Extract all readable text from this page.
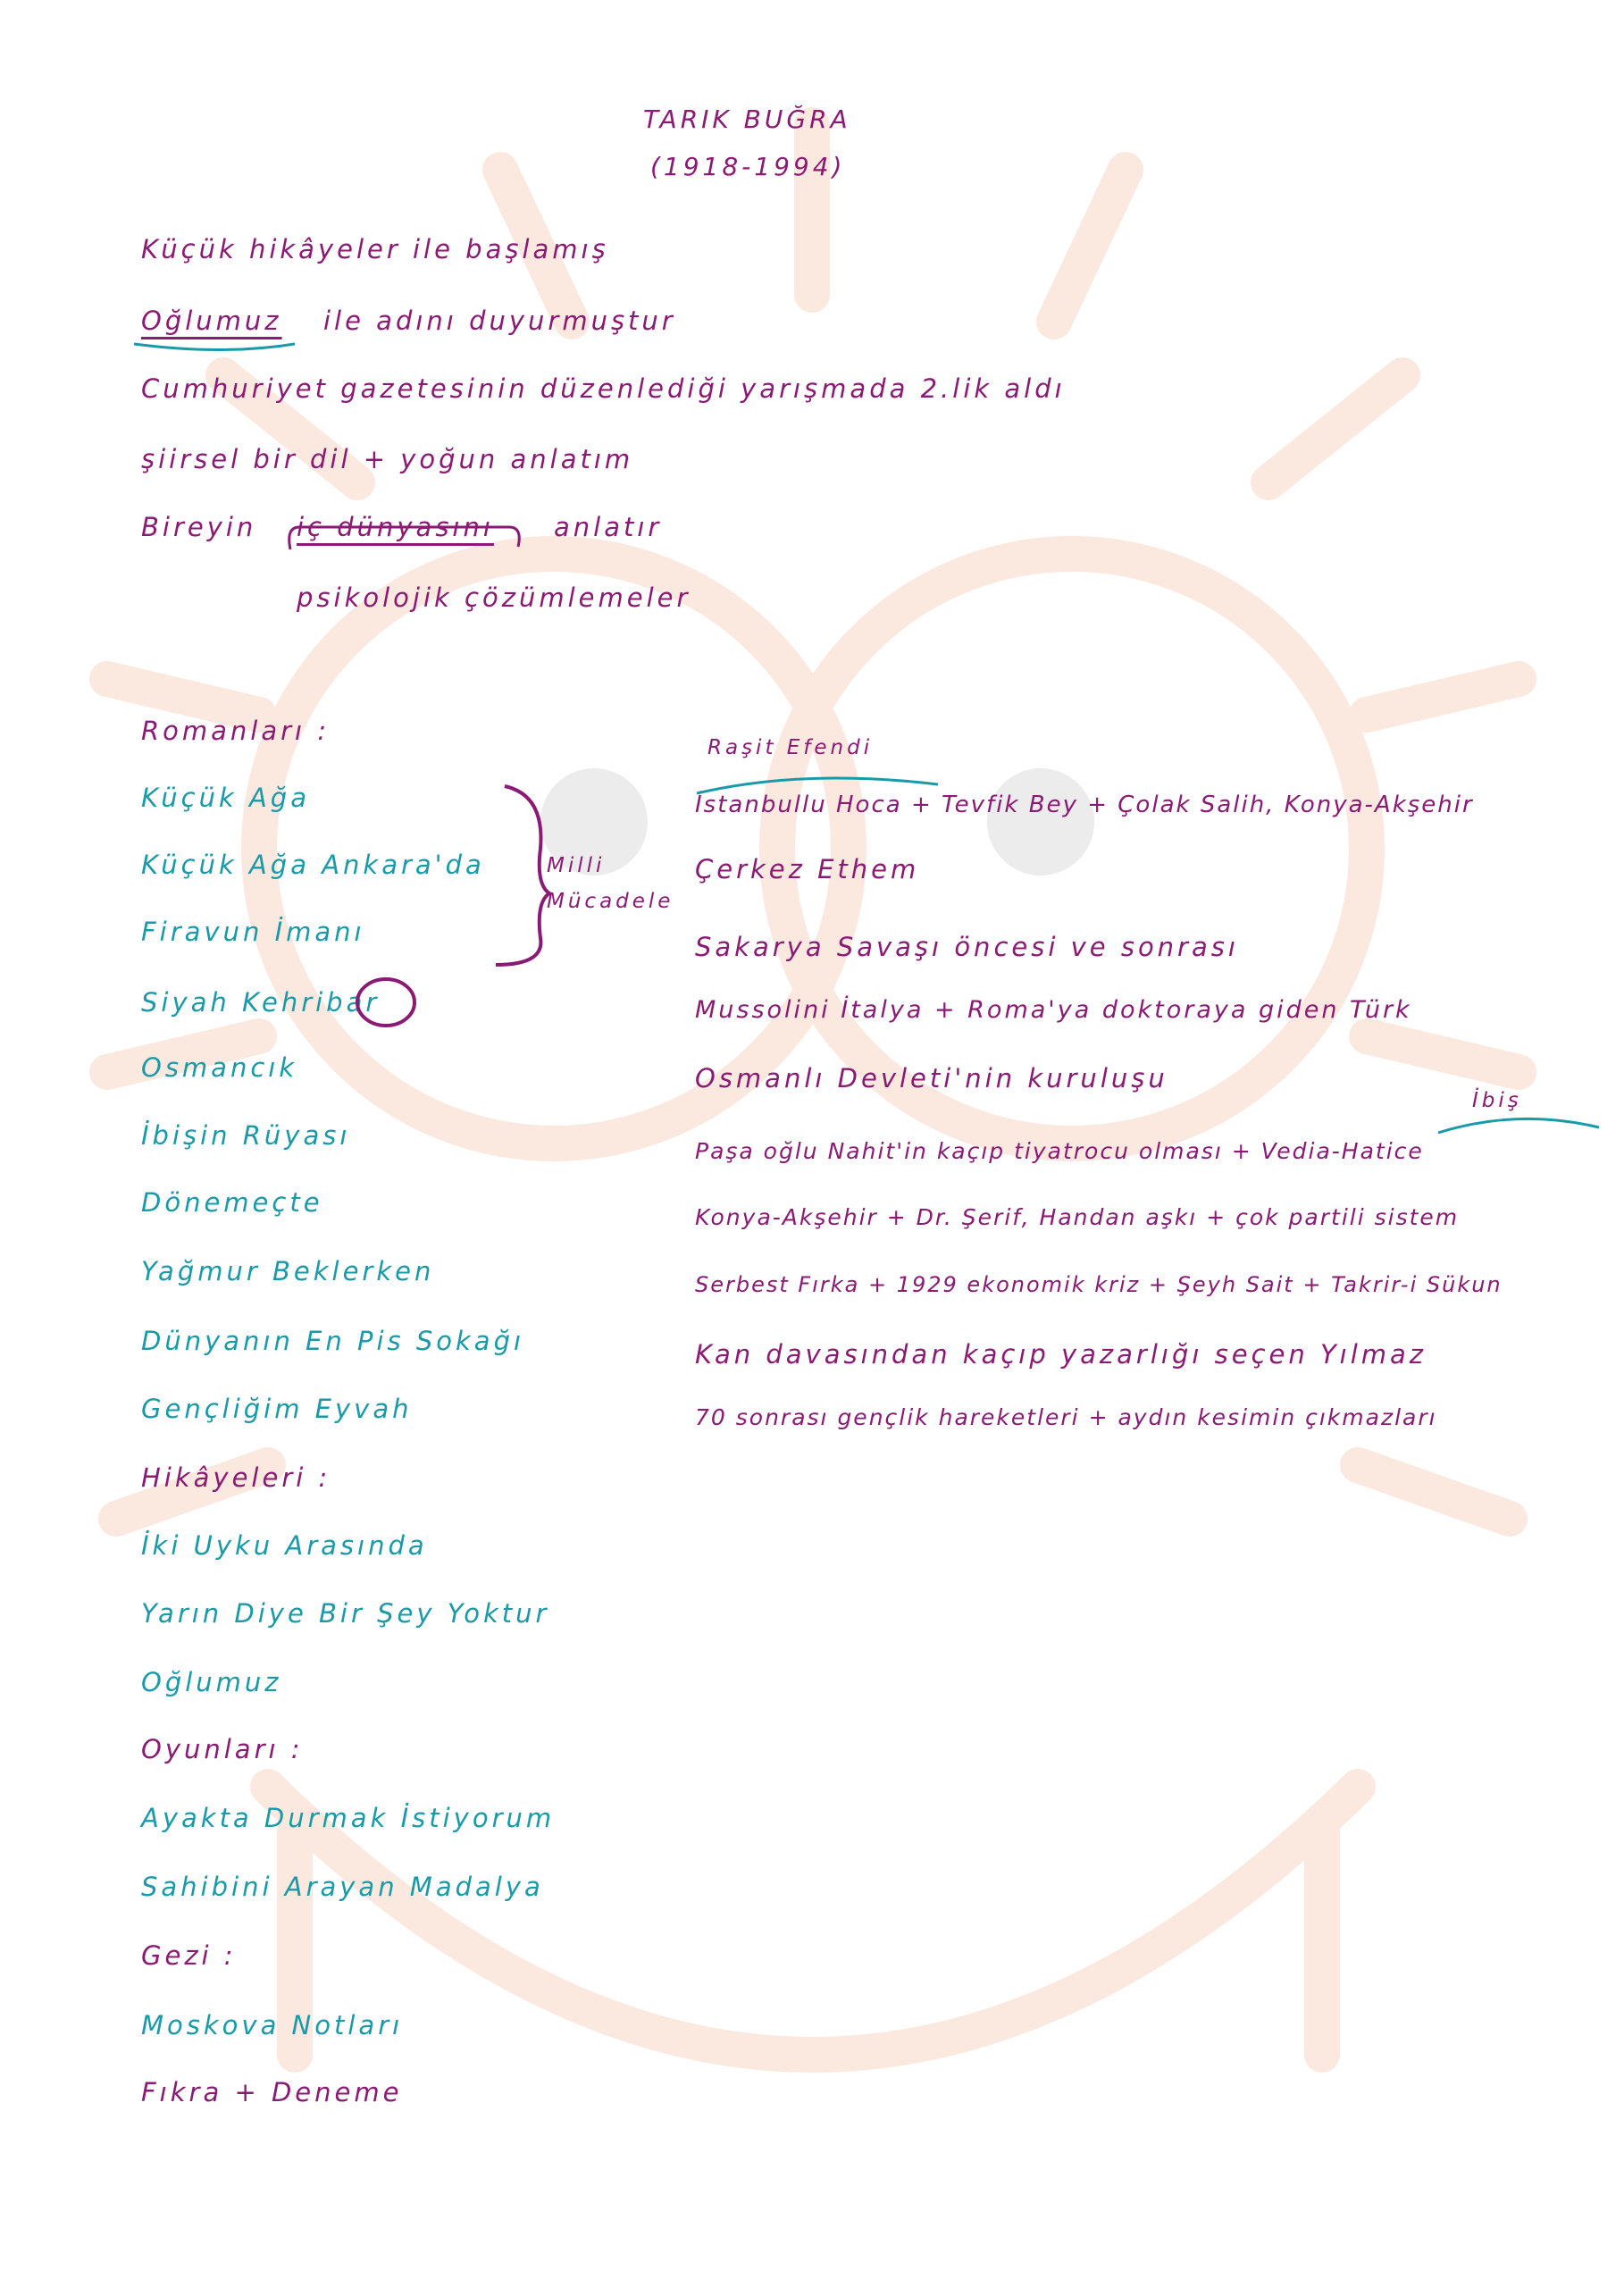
TARIK BUĞRA
(1918-1994)
Küçük hikâyeler ile başlamış
Oğlumuz ile adını duyurmuştur
Cumhuriyet gazetesinin düzenlediği yarışmada 2.lik aldı
şiirsel bir dil + yoğun anlatım
Bireyin iç dünyasını anlatır
psikolojik çözümlemeler
Romanları :
Raşit Efendi
İbiş
Küçük Ağa
Küçük Ağa Ankara'da
Firavun İmanı
Siyah Kehribar
Osmancık
İbişin Rüyası
Dönemeçte
Yağmur Beklerken
Dünyanın En Pis Sokağı
Gençliğim Eyvah
Milli
Mücadele
İstanbullu Hoca + Tevfik Bey + Çolak Salih, Konya-Akşehir
Çerkez Ethem
Sakarya Savaşı öncesi ve sonrası
Mussolini İtalya + Roma'ya doktoraya giden Türk
Osmanlı Devleti'nin kuruluşu
Paşa oğlu Nahit'in kaçıp tiyatrocu olması + Vedia-Hatice
Konya-Akşehir + Dr. Şerif, Handan aşkı + çok partili sistem
Serbest Fırka + 1929 ekonomik kriz + Şeyh Sait + Takrir-i Sükun
Kan davasından kaçıp yazarlığı seçen Yılmaz
70 sonrası gençlik hareketleri + aydın kesimin çıkmazları
Hikâyeleri :
İki Uyku Arasında
Yarın Diye Bir Şey Yoktur
Oğlumuz
Oyunları :
Ayakta Durmak İstiyorum
Sahibini Arayan Madalya
Gezi :
Moskova Notları
Fıkra + Deneme
